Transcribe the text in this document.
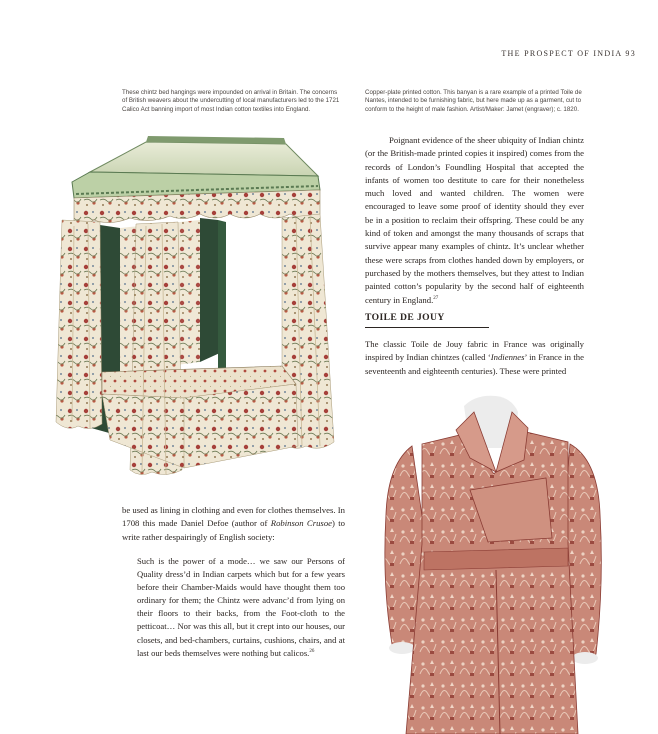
THE PROSPECT OF INDIA 93
These chintz bed hangings were impounded on arrival in Britain. The concerns of British weavers about the undercutting of local manufacturers led to the 1721 Calico Act banning import of most Indian cotton textiles into England.
Copper-plate printed cotton. This banyan is a rare example of a printed Toile de Nantes, intended to be furnishing fabric, but here made up as a garment, cut to conform to the height of male fashion. Artist/Maker: Jamet (engraver); c. 1820.

Poignant evidence of the sheer ubiquity of Indian chintz (or the British-made printed copies it inspired) comes from the records of London’s Foundling Hospital that accepted the infants of women too destitute to care for their nonetheless much loved and wanted children. The women were encouraged to leave some proof of identity should they ever be in a position to reclaim their offspring. These could be any kind of token and amongst the many thousands of scraps that survive appear many examples of chintz. It’s unclear whether these were scraps from clothes handed down by employers, or purchased by the mothers themselves, but they attest to Indian painted cotton’s popularity by the second half of eighteenth century in England.$^{27}$

TOILE DE JOUY

The classic Toile de Jouy fabric in France was originally inspired by Indian chintzes (called ‘Indiennes’ in France in the seventeenth and eighteenth centuries). These were printed

be used as lining in clothing and even for clothes themselves. In 1708 this made Daniel Defoe (author of Robinson Crusoe) to write rather despairingly of English society:

Such is the power of a mode… we saw our Persons of Quality dress’d in Indian carpets which but for a few years before their Chamber-Maids would have thought them too ordinary for them; the Chintz were advanc’d from lying on their floors to their backs, from the Foot-cloth to the petticoat… Nor was this all, but it crept into our houses, our closets, and bed-chambers, curtains, cushions, chairs, and at last our beds themselves were nothing but calicos.$^{26}$
